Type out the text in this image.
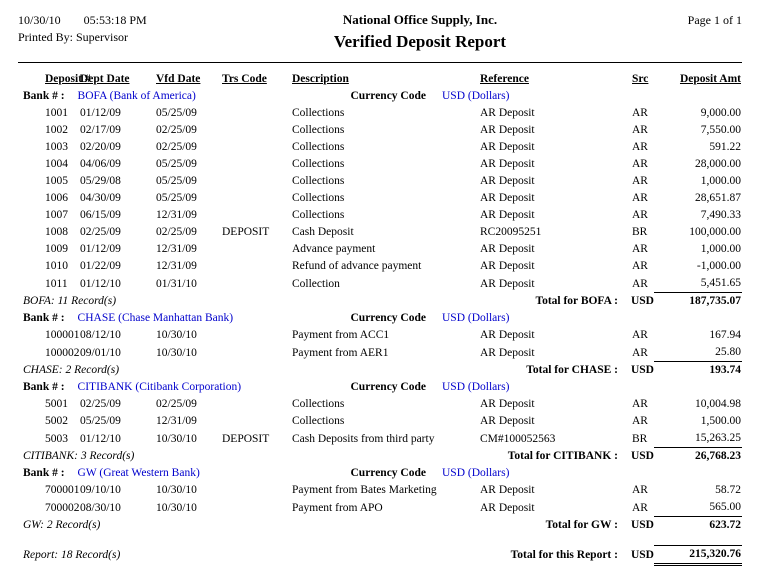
10/30/10 05:53:18 PM
Printed By: Supervisor
National Office Supply, Inc.
Verified Deposit Report
Page 1 of 1
Deposit #	Dept Date	Vfd Date	Trs Code	Description	Reference	Src	Deposit Amt
Bank # : BOFA (Bank of America)				Currency Code	USD (Dollars)		
1001	01/12/09	05/25/09		Collections	AR Deposit	AR	9,000.00
1002	02/17/09	02/25/09		Collections	AR Deposit	AR	7,550.00
1003	02/20/09	02/25/09		Collections	AR Deposit	AR	591.22
1004	04/06/09	05/25/09		Collections	AR Deposit	AR	28,000.00
1005	05/29/08	05/25/09		Collections	AR Deposit	AR	1,000.00
1006	04/30/09	05/25/09		Collections	AR Deposit	AR	28,651.87
1007	06/15/09	12/31/09		Collections	AR Deposit	AR	7,490.33
1008	02/25/09	02/25/09	DEPOSIT	Cash Deposit	RC20095251	BR	100,000.00
1009	01/12/09	12/31/09		Advance payment	AR Deposit	AR	1,000.00
1010	01/22/09	12/31/09		Refund of advance payment	AR Deposit	AR	-1,000.00
1011	01/12/10	01/31/10		Collection	AR Deposit	AR	5,451.65
BOFA: 11 Record(s)					Total for BOFA : USD		187,735.07
Bank # : CHASE (Chase Manhattan Bank)				Currency Code	USD (Dollars)		
100001	08/12/10	10/30/10		Payment from ACC1	AR Deposit	AR	167.94
100002	09/01/10	10/30/10		Payment from AER1	AR Deposit	AR	25.80
CHASE: 2 Record(s)					Total for CHASE : USD		193.74
Bank # : CITIBANK (Citibank Corporation)				Currency Code	USD (Dollars)		
5001	02/25/09	02/25/09		Collections	AR Deposit	AR	10,004.98
5002	05/25/09	12/31/09		Collections	AR Deposit	AR	1,500.00
5003	01/12/10	10/30/10	DEPOSIT	Cash Deposits from third party	CM#100052563	BR	15,263.25
CITIBANK: 3 Record(s)					Total for CITIBANK : USD		26,768.23
Bank # : GW (Great Western Bank)				Currency Code	USD (Dollars)		
700001	09/10/10	10/30/10		Payment from Bates Marketing	AR Deposit	AR	58.72
700002	08/30/10	10/30/10		Payment from APO	AR Deposit	AR	565.00
GW: 2 Record(s)					Total for GW : USD		623.72

Report: 18 Record(s)					Total for this Report : USD		215,320.76
